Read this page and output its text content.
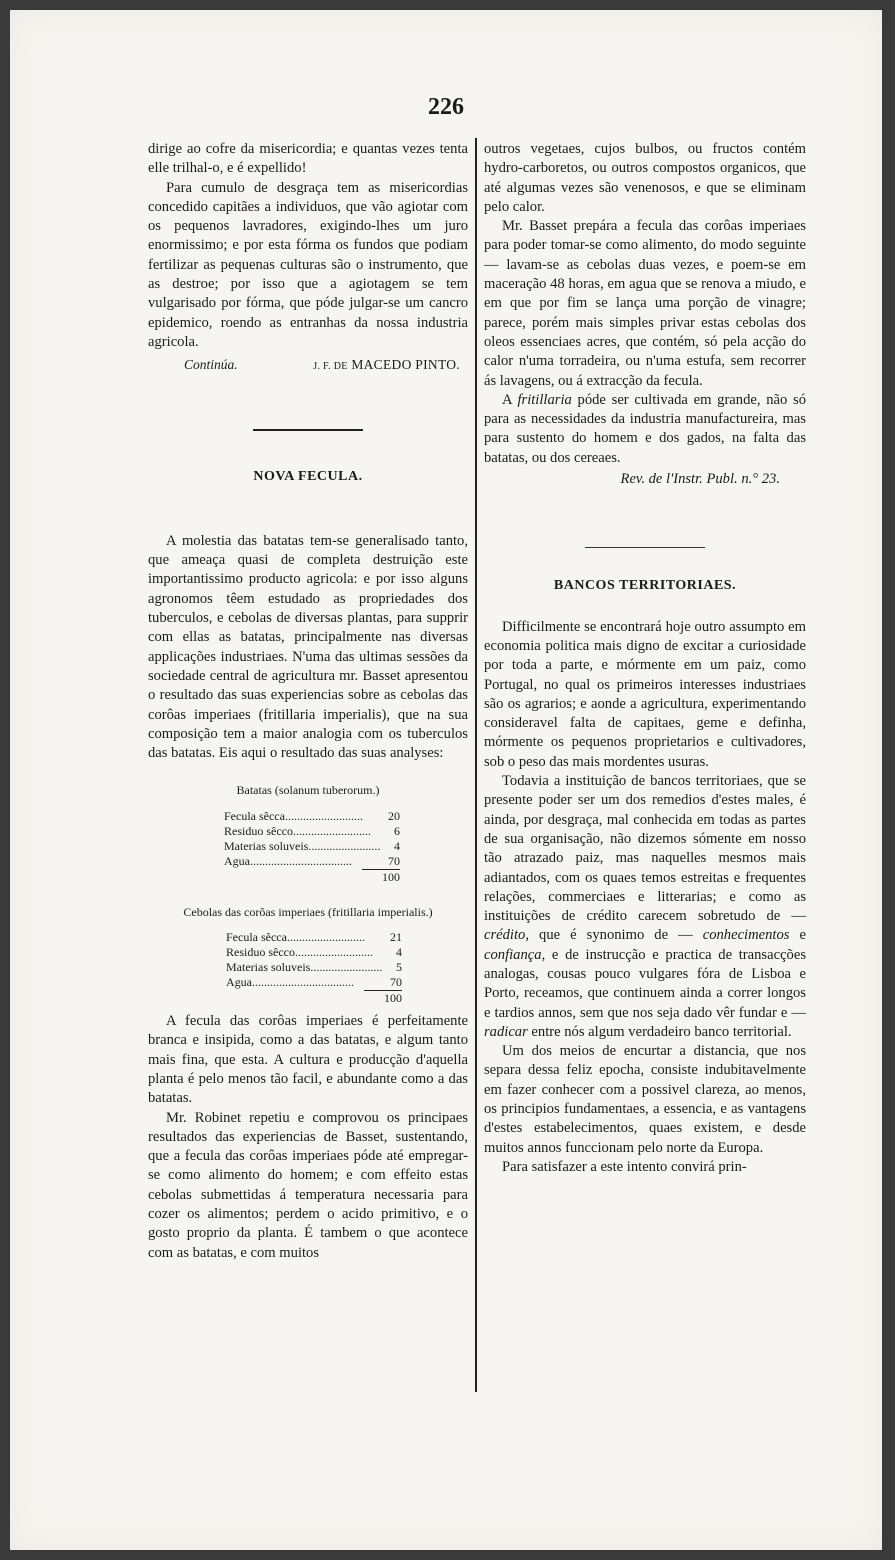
226

dirige ao cofre da misericordia; e quantas vezes tenta elle trilhal-o, e é expellido!

Para cumulo de desgraça tem as misericordias concedido capitães a individuos, que vão agiotar com os pequenos lavradores, exigindo-lhes um juro enormissimo; e por esta fórma os fundos que podiam fertilizar as pequenas culturas são o instrumento, que as destroe; por isso que a agiotagem se tem vulgarisado por fórma, que póde julgar-se um cancro epidemico, roendo as entranhas da nossa industria agricola.

Continúa.	J. F. DE MACEDO PINTO.
NOVA FECULA.

A molestia das batatas tem-se generalisado tanto, que ameaça quasi de completa destruição este importantissimo producto agricola: e por isso alguns agronomos têem estudado as propriedades dos tuberculos, e cebolas de diversas plantas, para supprir com ellas as batatas, principalmente nas diversas applicações industriaes. N'uma das ultimas sessões da sociedade central de agricultura mr. Basset apresentou o resultado das suas experiencias sobre as cebolas das corôas imperiaes (fritillaria imperialis), que na sua composição tem a maior analogia com os tuberculos das batatas. Eis aqui o resultado das suas analyses:

Batatas (solanum tuberorum.)
Fecula sêcca..........................	20
Residuo sêcco..........................	6
Materias soluveis........................	4
Agua..................................	70
100
Cebolas das corôas imperiaes (fritillaria imperialis.)
Fecula sêcca..........................	21
Residuo sêcco..........................	4
Materias soluveis........................	5
Agua..................................	70
100

A fecula das corôas imperiaes é perfeitamente branca e insipida, como a das batatas, e algum tanto mais fina, que esta. A cultura e producção d'aquella planta é pelo menos tão facil, e abundante como a das batatas.

Mr. Robinet repetiu e comprovou os principaes resultados das experiencias de Basset, sustentando, que a fecula das corôas imperiaes póde até empregar-se como alimento do homem; e com effeito estas cebolas submettidas á temperatura necessaria para cozer os alimentos; perdem o acido primitivo, e o gosto proprio da planta. É tambem o que acontece com as batatas, e com muitos

outros vegetaes, cujos bulbos, ou fructos contém hydro-carboretos, ou outros compostos organicos, que até algumas vezes são venenosos, e que se eliminam pelo calor.

Mr. Basset prepára a fecula das corôas imperiaes para poder tomar-se como alimento, do modo seguinte — lavam-se as cebolas duas vezes, e poem-se em maceração 48 horas, em agua que se renova a miudo, e em que por fim se lança uma porção de vinagre; parece, porém mais simples privar estas cebolas dos oleos essenciaes acres, que contém, só pela acção do calor n'uma torradeira, ou n'uma estufa, sem recorrer ás lavagens, ou á extracção da fecula.

A fritillaria póde ser cultivada em grande, não só para as necessidades da industria manufactureira, mas para sustento do homem e dos gados, na falta das batatas, ou dos cereaes.

Rev. de l'Instr. Publ. n.° 23.
BANCOS TERRITORIAES.

Difficilmente se encontrará hoje outro assumpto em economia politica mais digno de excitar a curiosidade por toda a parte, e mórmente em um paiz, como Portugal, no qual os primeiros interesses industriaes são os agrarios; e aonde a agricultura, experimentando consideravel falta de capitaes, geme e definha, mórmente os pequenos proprietarios e cultivadores, sob o peso das mais mordentes usuras.

Todavia a instituição de bancos territoriaes, que se presente poder ser um dos remedios d'estes males, é ainda, por desgraça, mal conhecida em todas as partes de sua organisação, não dizemos sómente em nosso tão atrazado paiz, mas naquelles mesmos mais adiantados, com os quaes temos estreitas e frequentes relações, commerciaes e litterarias; e como as instituições de crédito carecem sobretudo de — crédito, que é synonimo de — conhecimentos e confiança, e de instrucção e practica de transacções analogas, cousas pouco vulgares fóra de Lisboa e Porto, receamos, que continuem ainda a correr longos e tardios annos, sem que nos seja dado vêr fundar e — radicar entre nós algum verdadeiro banco territorial.

Um dos meios de encurtar a distancia, que nos separa dessa feliz epocha, consiste indubitavelmente em fazer conhecer com a possivel clareza, ao menos, os principios fundamentaes, a essencia, e as vantagens d'estes estabelecimentos, quaes existem, e desde muitos annos funccionam pelo norte da Europa.

Para satisfazer a este intento convirá prin-
